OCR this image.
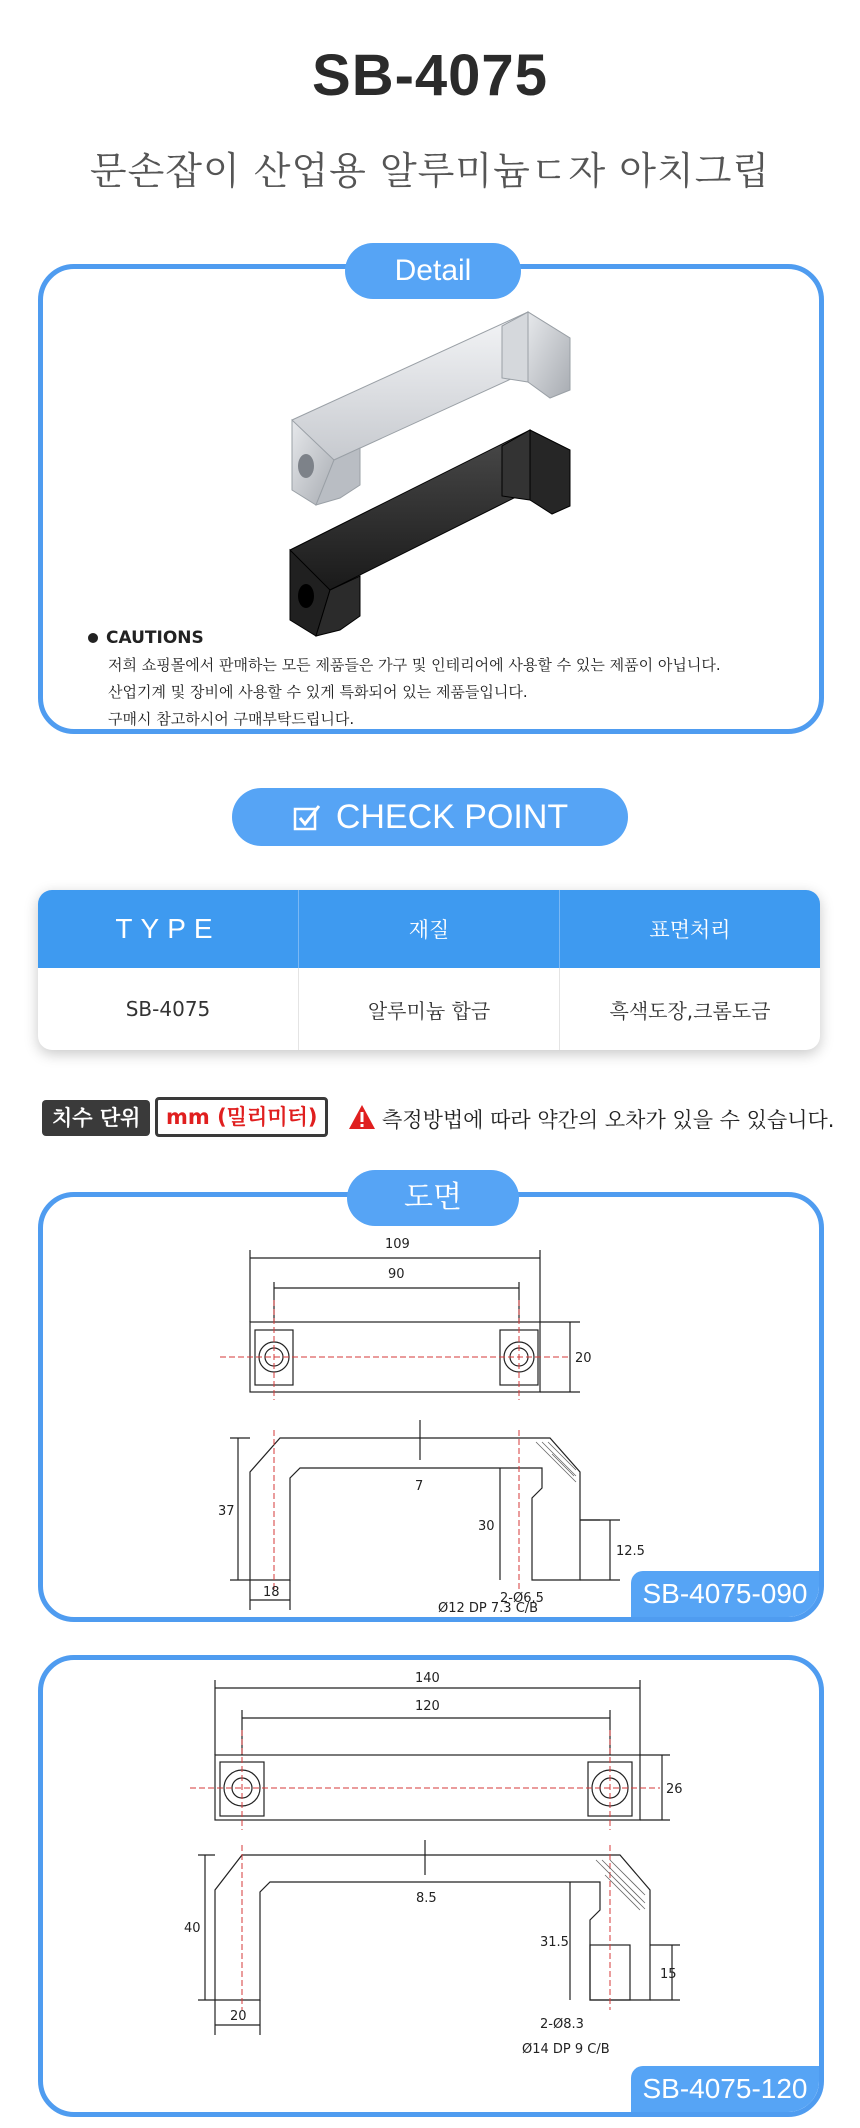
SB-4075
문손잡이 산업용 알루미늄ㄷ자 아치그립
Detail
CAUTIONS
저희 쇼핑몰에서 판매하는 모든 제품들은 가구 및 인테리어에 사용할 수 있는 제품이 아닙니다.
산업기계 및 장비에 사용할 수 있게 특화되어 있는 제품들입니다.
구매시 참고하시어 구매부탁드립니다.
CHECK POINT
TYPE	재질	표면처리
SB-4075	알루미늄 합금	흑색도장,크롬도금
치수 단위	mm (밀리미터)	측정방법에 따라 약간의 오차가 있을 수 있습니다.
SB-4075-090
도면
109
90
20
37
7
30
12.5
18	2-Ø6.5
Ø12 DP 7.3 C/B
SB-4075-120
140
120
26
40
8.5
31.5
15
20
2-Ø8.3
Ø14 DP 9 C/B
